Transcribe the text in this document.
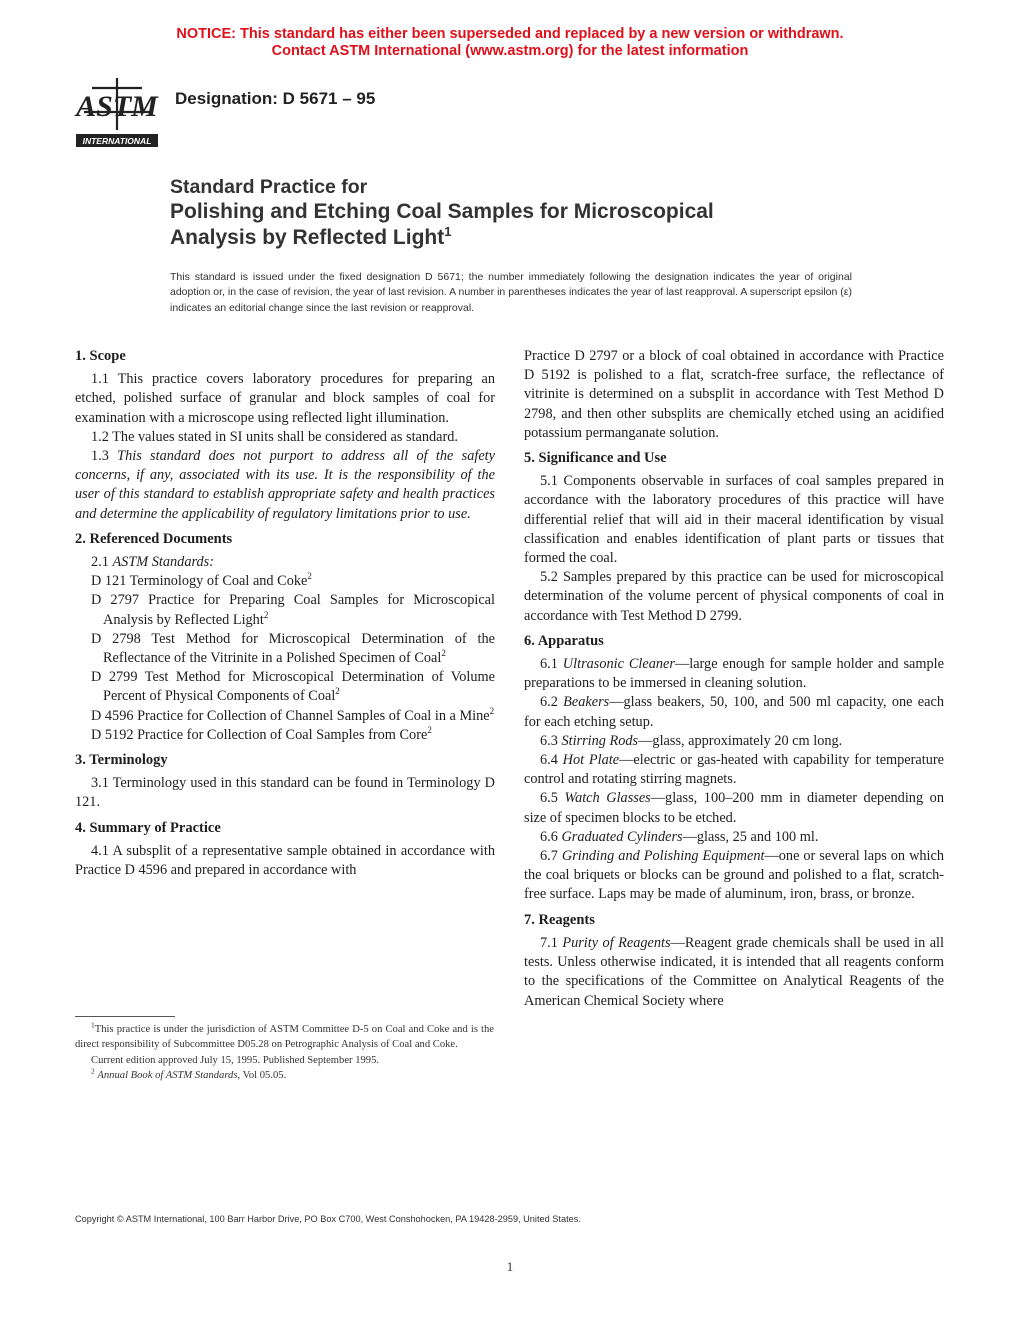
NOTICE: This standard has either been superseded and replaced by a new version or withdrawn.
Contact ASTM International (www.astm.org) for the latest information
ASTM
INTERNATIONAL
Designation: D 5671 – 95
Standard Practice for
Polishing and Etching Coal Samples for Microscopical
Analysis by Reflected Light$^1$
This standard is issued under the fixed designation D 5671; the number immediately following the designation indicates the year of original adoption or, in the case of revision, the year of last revision. A number in parentheses indicates the year of last reapproval. A superscript epsilon (ε) indicates an editorial change since the last revision or reapproval.
1. Scope

1.1 This practice covers laboratory procedures for preparing an etched, polished surface of granular and block samples of coal for examination with a microscope using reflected light illumination.

1.2 The values stated in SI units shall be considered as standard.

1.3 This standard does not purport to address all of the safety concerns, if any, associated with its use. It is the responsibility of the user of this standard to establish appropriate safety and health practices and determine the applicability of regulatory limitations prior to use.

2. Referenced Documents

2.1 ASTM Standards:

D 121 Terminology of Coal and Coke$^2$

D 2797 Practice for Preparing Coal Samples for Microscopical Analysis by Reflected Light$^2$

D 2798 Test Method for Microscopical Determination of the Reflectance of the Vitrinite in a Polished Specimen of Coal$^2$

D 2799 Test Method for Microscopical Determination of Volume Percent of Physical Components of Coal$^2$

D 4596 Practice for Collection of Channel Samples of Coal in a Mine$^2$

D 5192 Practice for Collection of Coal Samples from Core$^2$

3. Terminology

3.1 Terminology used in this standard can be found in Terminology D 121.

4. Summary of Practice

4.1 A subsplit of a representative sample obtained in accordance with Practice D 4596 and prepared in accordance with

Practice D 2797 or a block of coal obtained in accordance with Practice D 5192 is polished to a flat, scratch-free surface, the reflectance of vitrinite is determined on a subsplit in accordance with Test Method D 2798, and then other subsplits are chemically etched using an acidified potassium permanganate solution.

5. Significance and Use

5.1 Components observable in surfaces of coal samples prepared in accordance with the laboratory procedures of this practice will have differential relief that will aid in their maceral identification by visual classification and enables identification of plant parts or tissues that formed the coal.

5.2 Samples prepared by this practice can be used for microscopical determination of the volume percent of physical components of coal in accordance with Test Method D 2799.

6. Apparatus

6.1 Ultrasonic Cleaner—large enough for sample holder and sample preparations to be immersed in cleaning solution.

6.2 Beakers—glass beakers, 50, 100, and 500 ml capacity, one each for each etching setup.

6.3 Stirring Rods—glass, approximately 20 cm long.

6.4 Hot Plate—electric or gas-heated with capability for temperature control and rotating stirring magnets.

6.5 Watch Glasses—glass, 100–200 mm in diameter depending on size of specimen blocks to be etched.

6.6 Graduated Cylinders—glass, 25 and 100 ml.

6.7 Grinding and Polishing Equipment—one or several laps on which the coal briquets or blocks can be ground and polished to a flat, scratch-free surface. Laps may be made of aluminum, iron, brass, or bronze.

7. Reagents

7.1 Purity of Reagents—Reagent grade chemicals shall be used in all tests. Unless otherwise indicated, it is intended that all reagents conform to the specifications of the Committee on Analytical Reagents of the American Chemical Society where

$^1$This practice is under the jurisdiction of ASTM Committee D-5 on Coal and Coke and is the direct responsibility of Subcommittee D05.28 on Petrographic Analysis of Coal and Coke.

Current edition approved July 15, 1995. Published September 1995.

$^2$ Annual Book of ASTM Standards, Vol 05.05.

Copyright © ASTM International, 100 Barr Harbor Drive, PO Box C700, West Conshohocken, PA 19428-2959, United States.
1
